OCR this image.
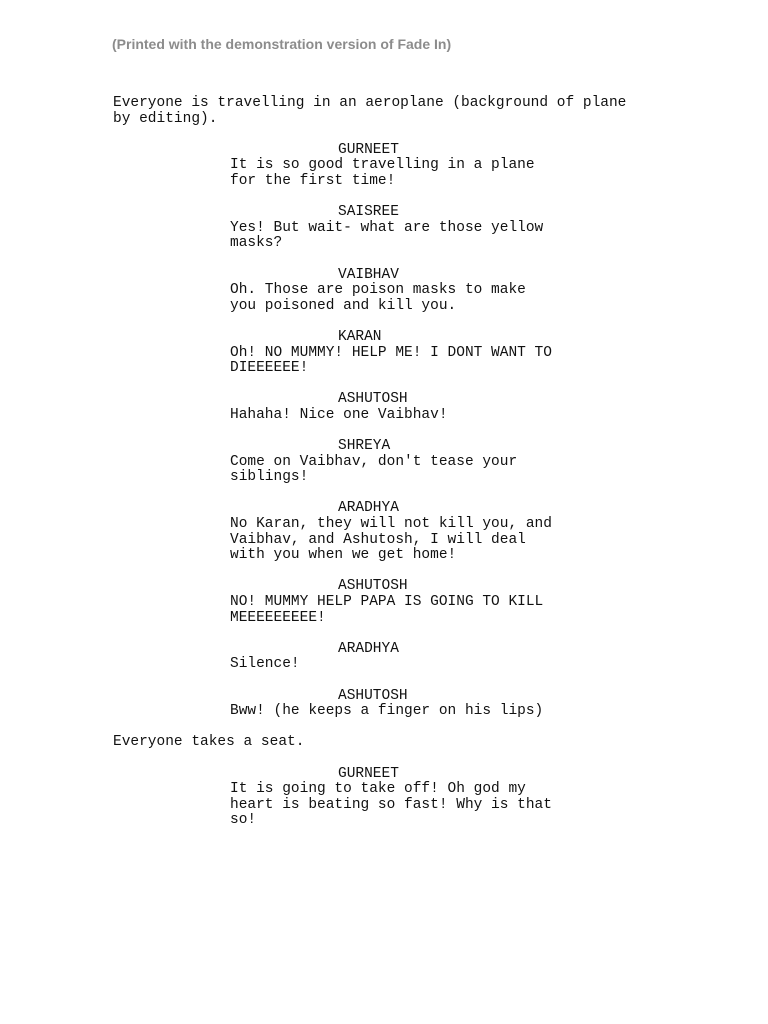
(Printed with the demonstration version of Fade In)
Everyone is travelling in an aeroplane (background of plane
by editing).
GURNEET
It is so good travelling in a plane
for the first time!
SAISREE
Yes! But wait- what are those yellow
masks?
VAIBHAV
Oh. Those are poison masks to make
you poisoned and kill you.
KARAN
Oh! NO MUMMY! HELP ME! I DONT WANT TO
DIEEEEEE!
ASHUTOSH
Hahaha! Nice one Vaibhav!
SHREYA
Come on Vaibhav, don't tease your
siblings!
ARADHYA
No Karan, they will not kill you, and
Vaibhav, and Ashutosh, I will deal
with you when we get home!
ASHUTOSH
NO! MUMMY HELP PAPA IS GOING TO KILL
MEEEEEEEEE!
ARADHYA
Silence!
ASHUTOSH
Bww! (he keeps a finger on his lips)
Everyone takes a seat.
GURNEET
It is going to take off! Oh god my
heart is beating so fast! Why is that
so!
